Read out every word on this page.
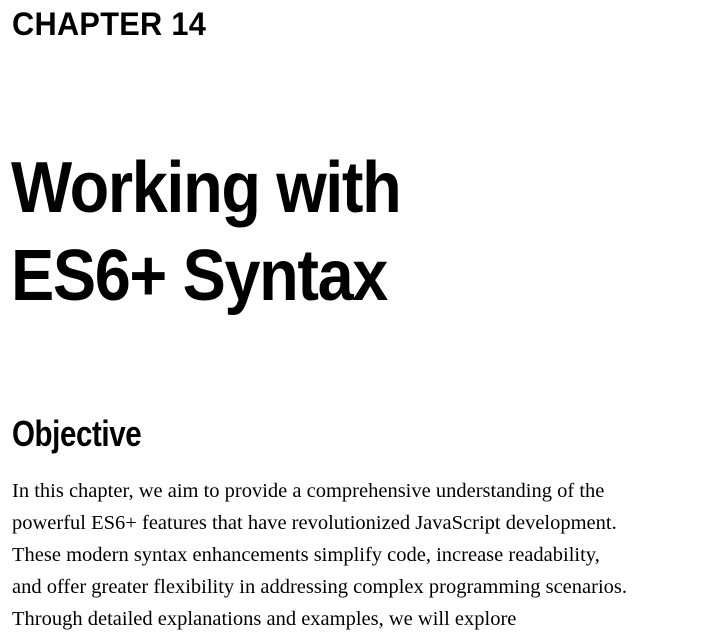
CHAPTER 14
Working with
ES6+ Syntax
Objective

In this chapter, we aim to provide a comprehensive understanding of the
powerful ES6+ features that have revolutionized JavaScript development.
These modern syntax enhancements simplify code, increase readability,
and offer greater flexibility in addressing complex programming scenarios.
Through detailed explanations and examples, we will explore
